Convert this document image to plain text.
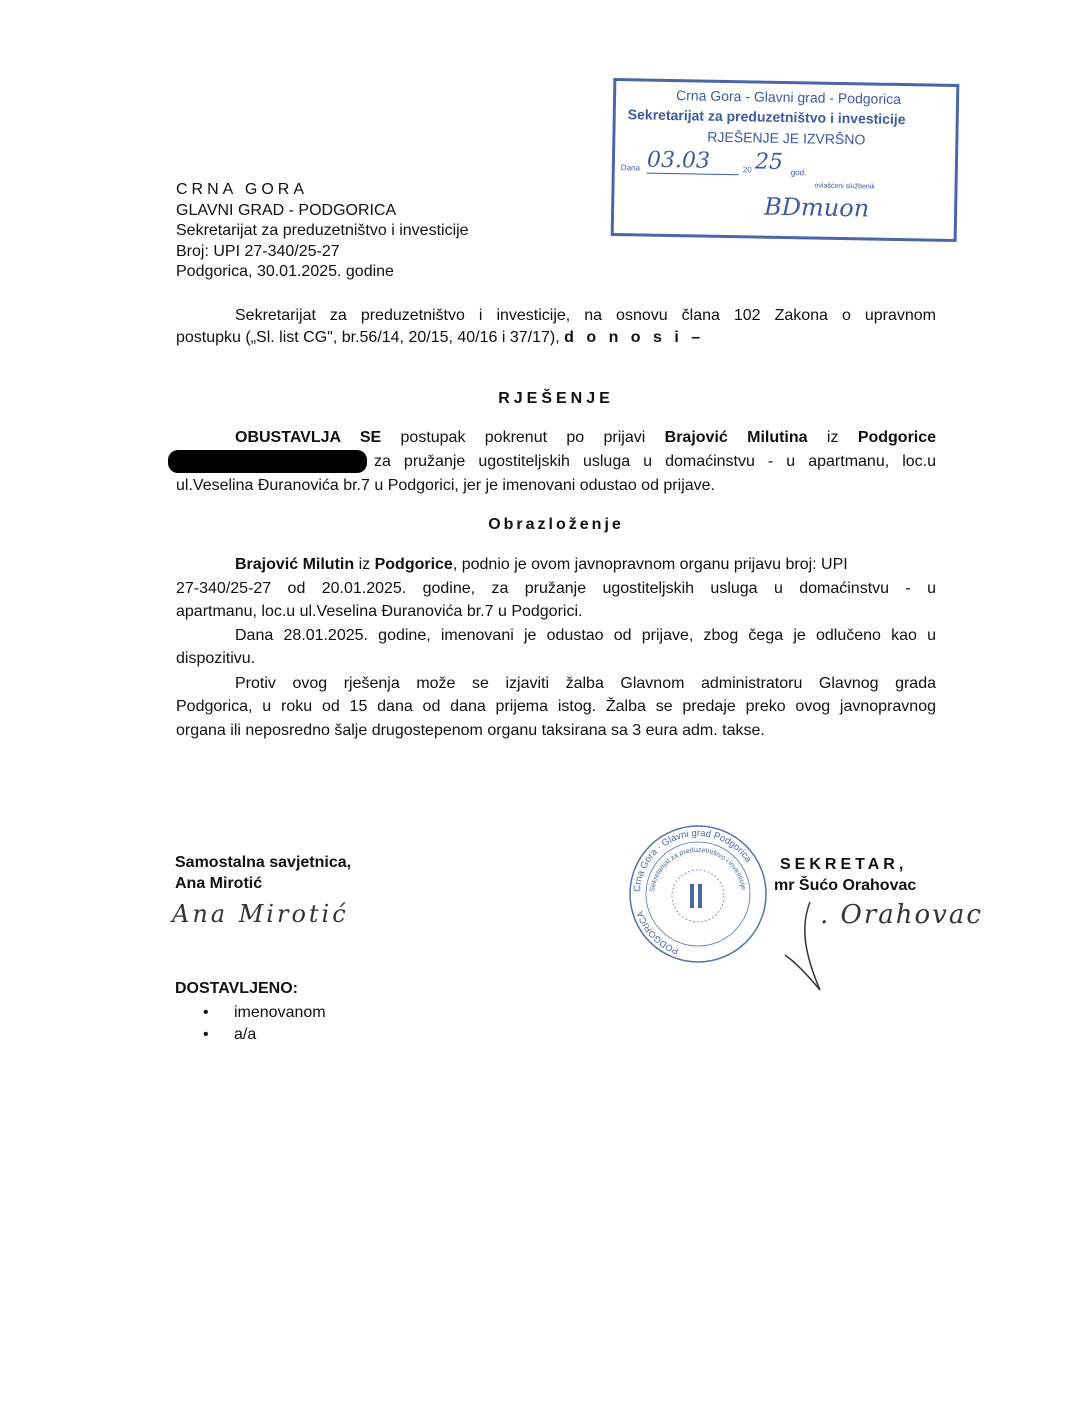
CRNA GORA
GLAVNI GRAD - PODGORICA
Sekretarijat za preduzetništvo i investicije
Broj: UPI 27-340/25-27
Podgorica, 30.01.2025. godine
Crna Gora - Glavni grad - Podgorica
Sekretarijat za preduzetništvo i investicije
RJEŠENJE JE IZVRŠNO
Dana 03.03	20 25 god.
ovlašćeni službenik
BDmuon
Sekretarijat za preduzetništvo i investicije, na osnovu člana 102 Zakona o upravnom
postupku („Sl. list CG", br.56/14, 20/15, 40/16 i 37/17), d o n o s i –
RJEŠENJE
OBUSTAVLJA SE postupak pokrenut po prijavi Brajović Milutina iz Podgorice
za pružanje ugostiteljskih usluga u domaćinstvu - u apartmanu, loc.u
ul.Veselina Đuranovića br.7 u Podgorici, jer je imenovani odustao od prijave.
Obrazloženje
Brajović Milutin iz Podgorice, podnio je ovom javnopravnom organu prijavu broj: UPI
27-340/25-27 od 20.01.2025. godine, za pružanje ugostiteljskih usluga u domaćinstvu - u
apartmanu, loc.u ul.Veselina Đuranovića br.7 u Podgorici.
Dana 28.01.2025. godine, imenovani je odustao od prijave, zbog čega je odlučeno kao u
dispozitivu.
Protiv ovog rješenja može se izjaviti žalba Glavnom administratoru Glavnog grada
Podgorica, u roku od 15 dana od dana prijema istog. Žalba se predaje preko ovog javnopravnog
organa ili neposredno šalje drugostepenom organu taksirana sa 3 eura adm. takse.
Samostalna savjetnica,
Ana Mirotić
Ana Mirotić
Crna Gora · Glavni grad Podgorica
PODGORICA
Sekretarijat za preduzetništvo i investicije
SEKRETAR,
mr Šućo Orahovac
. Orahovac
DOSTAVLJENO:
• imenovanom
• a/a
